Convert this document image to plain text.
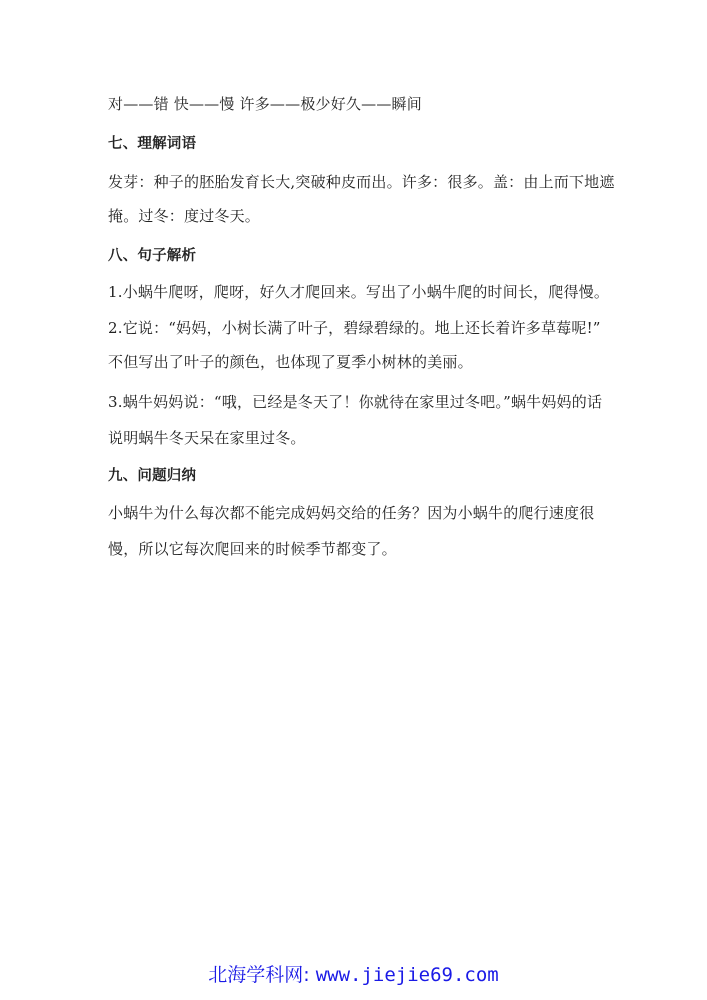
对——错 快——慢 许多——极少好久——瞬间
七、理解词语
发芽：种子的胚胎发育长大,突破种皮而出。许多：很多。盖：由上而下地遮
掩。过冬：度过冬天。
八、句子解析
1.小蜗牛爬呀，爬呀，好久才爬回来。写出了小蜗牛爬的时间长，爬得慢。
2.它说：“妈妈，小树长满了叶子，碧绿碧绿的。地上还长着许多草莓呢!”
不但写出了叶子的颜色，也体现了夏季小树林的美丽。
3.蜗牛妈妈说：“哦，已经是冬天了！你就待在家里过冬吧。”蜗牛妈妈的话
说明蜗牛冬天呆在家里过冬。
九、问题归纳
小蜗牛为什么每次都不能完成妈妈交给的任务？因为小蜗牛的爬行速度很
慢，所以它每次爬回来的时候季节都变了。
北海学科网: www.jiejie69.com
